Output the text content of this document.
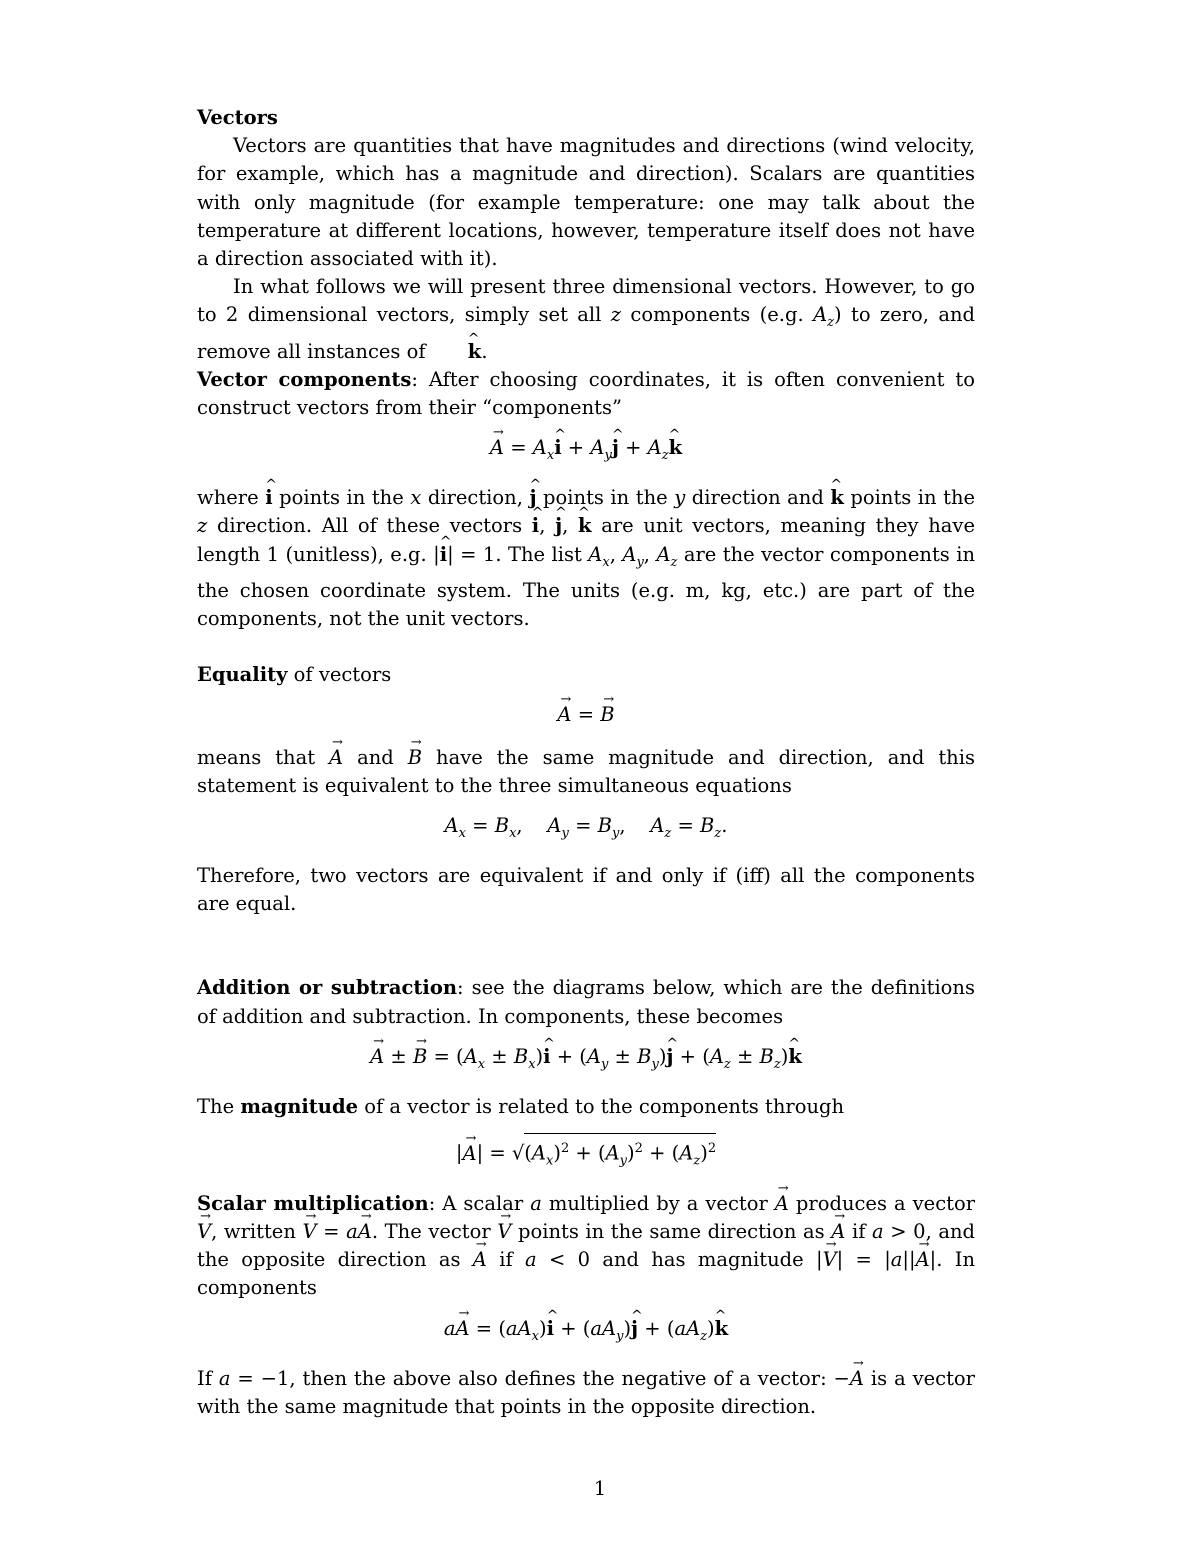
Vectors

Vectors are quantities that have magnitudes and directions (wind velocity, for example, which has a magnitude and direction). Scalars are quantities with only magnitude (for example temperature: one may talk about the temperature at different locations, however, temperature itself does not have a direction associated with it).

In what follows we will present three dimensional vectors. However, to go to 2 dimensional vectors, simply set all z components (e.g. $A_z$) to zero, and remove all instances of ^ k.

Vector components: After choosing coordinates, it is often convenient to construct vectors from their “components”

→ $A = A_x\^{}$ $i + A_y\^{}$ $j + A_z\^{}$ k

where ^ i points in the x direction, ^ j points in the y direction and ^ k points in the z direction. All of these vectors ^ i, ^ j, ^ k are unit vectors, meaning they have length 1 (unitless), e.g. |^ i| = 1. The list $A_x$, $A_y$, $A_z$ are the vector components in the chosen coordinate system. The units (e.g. m, kg, etc.) are part of the components, not the unit vectors.

Equality of vectors

→ A = → B

means that → A and → B have the same magnitude and direction, and this statement is equivalent to the three simultaneous equations

$A_x = B_x$,    $A_y = B_y$,    $A_z = B_z$.

Therefore, two vectors are equivalent if and only if (iff) all the components are equal.

Addition or subtraction: see the diagrams below, which are the definitions of addition and subtraction. In components, these becomes

→ A ± → $B = (A_x$ ± $B_x)\^{}$ $i + (A_y$ ± $B_y)\^{}$ $j + (A_z$ ± $B_z)\^{}$ k

The magnitude of a vector is related to the components through

|→ $A| = √(A_x)^2 + (A_y)^2 + (A_z)^2$

Scalar multiplication: A scalar a multiplied by a vector → A produces a vector → V, written → V = a→ A. The vector → V points in the same direction as → A if a > 0, and the opposite direction as → A if a < 0 and has magnitude |→ V| = |a||→ A|. In components

$a\to A = (aA_x)\^{}$ $i + (aA_y)\^{}$ $j + (aA_z)\^{}$ k

If a = −1, then the above also defines the negative of a vector: −→ A is a vector with the same magnitude that points in the opposite direction.

1
